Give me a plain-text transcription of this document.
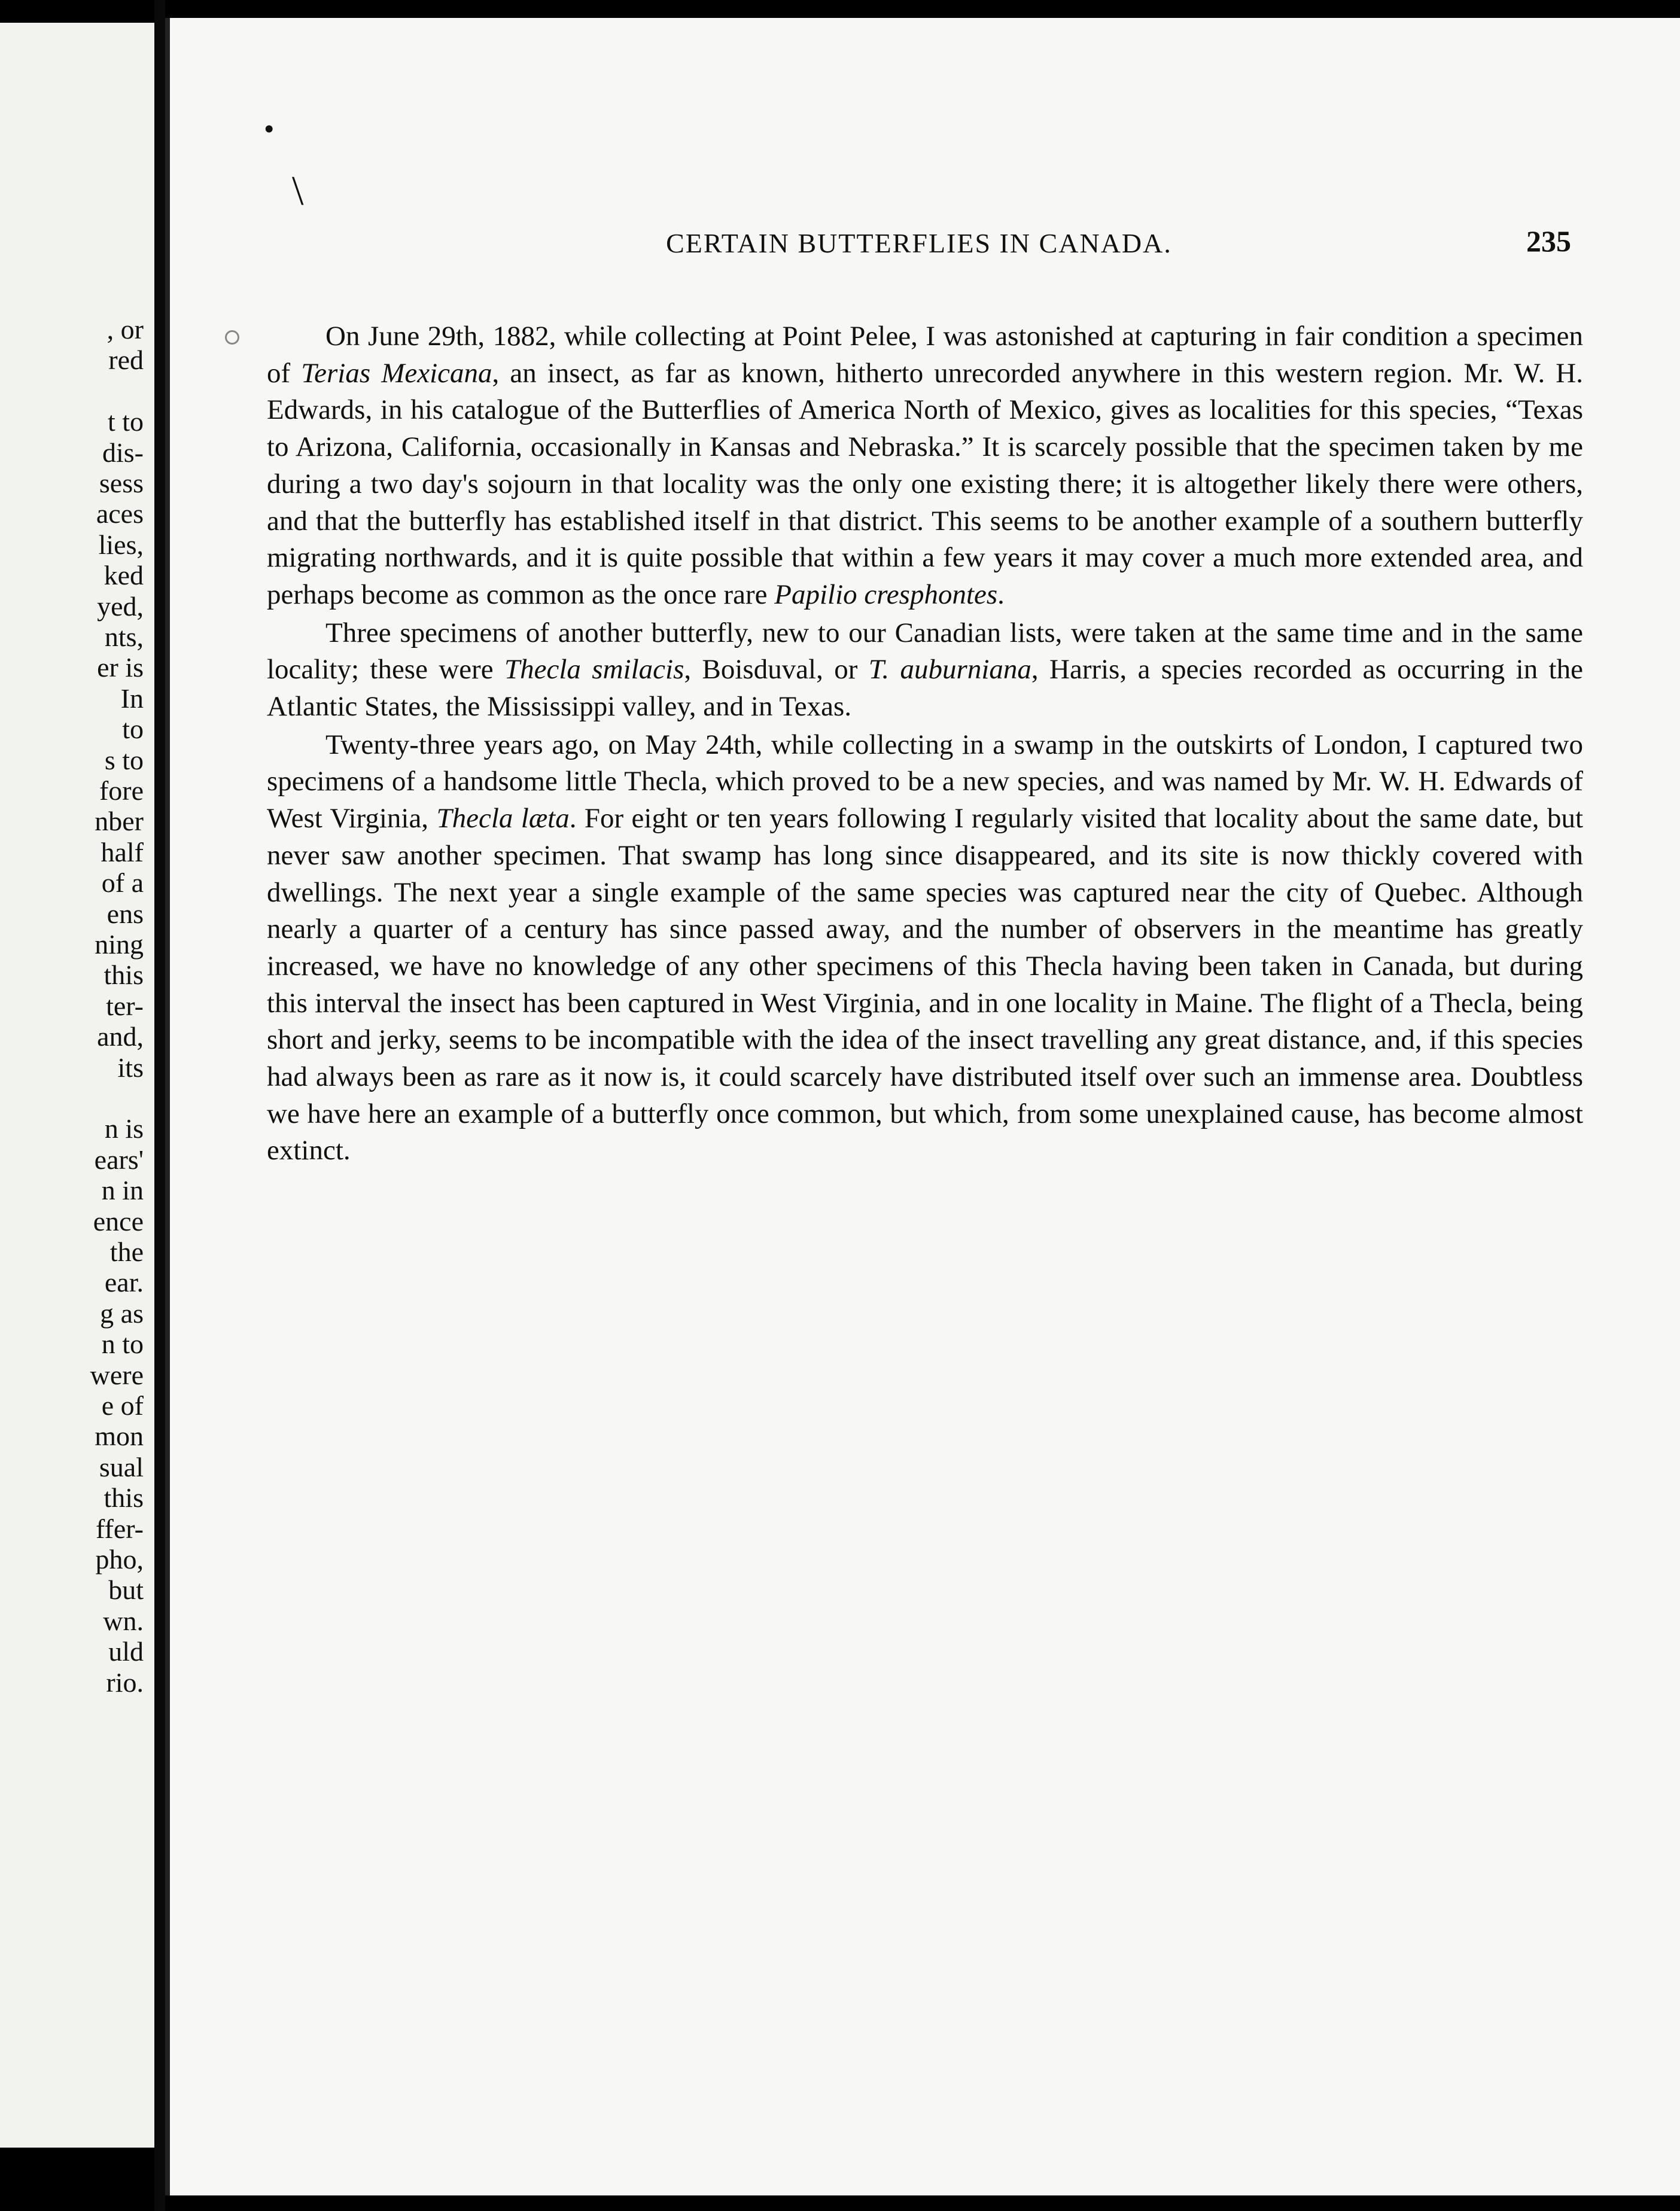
, or

red

t to

dis-

sess

aces

lies,

ked

yed,

nts,

er is

In

to

s to

fore

nber

half

of a

ens

ning

this

ter-

and,

its

n is

ears'

n in

ence

the

ear.

g as

n to

were

e of

mon

sual

this

ffer-

pho,

but

wn.

uld

rio.

•
\

CERTAIN BUTTERFLIES IN CANADA.	235

On June 29th, 1882, while collecting at Point Pelee, I was astonished at capturing in fair condition a specimen of Terias Mexicana, an insect, as far as known, hitherto unrecorded anywhere in this western region. Mr. W. H. Edwards, in his catalogue of the Butterflies of America North of Mexico, gives as localities for this species, “Texas to Arizona, California, occasionally in Kansas and Nebraska.” It is scarcely possible that the specimen taken by me during a two day's sojourn in that locality was the only one existing there; it is altogether likely there were others, and that the butterfly has established itself in that district. This seems to be another example of a southern butterfly migrating northwards, and it is quite possible that within a few years it may cover a much more extended area, and perhaps become as common as the once rare Papilio cresphontes.

Three specimens of another butterfly, new to our Canadian lists, were taken at the same time and in the same locality; these were Thecla smilacis, Boisduval, or T. auburniana, Harris, a species recorded as occurring in the Atlantic States, the Mississippi valley, and in Texas.

Twenty-three years ago, on May 24th, while collecting in a swamp in the outskirts of London, I captured two specimens of a handsome little Thecla, which proved to be a new species, and was named by Mr. W. H. Edwards of West Virginia, Thecla læta. For eight or ten years following I regularly visited that locality about the same date, but never saw another specimen. That swamp has long since disappeared, and its site is now thickly covered with dwellings. The next year a single example of the same species was captured near the city of Quebec. Although nearly a quarter of a century has since passed away, and the number of observers in the meantime has greatly increased, we have no knowledge of any other specimens of this Thecla having been taken in Canada, but during this interval the insect has been captured in West Virginia, and in one locality in Maine. The flight of a Thecla, being short and jerky, seems to be incompatible with the idea of the insect travelling any great distance, and, if this species had always been as rare as it now is, it could scarcely have distributed itself over such an immense area. Doubtless we have here an example of a butterfly once common, but which, from some unexplained cause, has become almost extinct.
